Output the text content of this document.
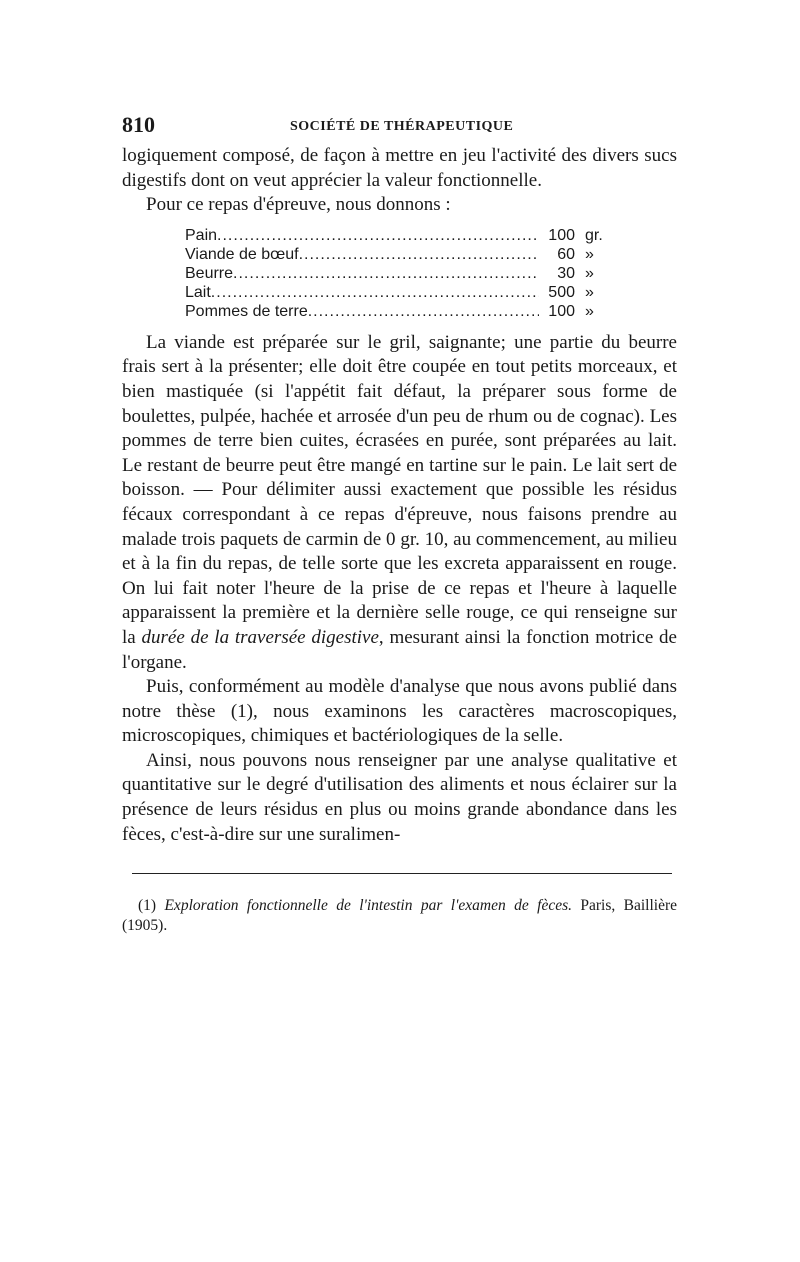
810	SOCIÉTÉ DE THÉRAPEUTIQUE

logiquement composé, de façon à mettre en jeu l'activité des divers sucs digestifs dont on veut apprécier la valeur fonctionnelle.

Pour ce repas d'épreuve, nous donnons :

Pain .....	100 gr.
Viande de bœuf .....	60 »
Beurre .....	30 »
Lait .....	500 »
Pommes de terre .....	100 »

La viande est préparée sur le gril, saignante; une partie du beurre frais sert à la présenter; elle doit être coupée en tout petits morceaux, et bien mastiquée (si l'appétit fait défaut, la préparer sous forme de boulettes, pulpée, hachée et arrosée d'un peu de rhum ou de cognac). Les pommes de terre bien cuites, écrasées en purée, sont préparées au lait. Le restant de beurre peut être mangé en tartine sur le pain. Le lait sert de boisson. — Pour délimiter aussi exactement que possible les résidus fécaux correspondant à ce repas d'épreuve, nous faisons prendre au malade trois paquets de carmin de 0 gr. 10, au commencement, au milieu et à la fin du repas, de telle sorte que les excreta apparaissent en rouge. On lui fait noter l'heure de la prise de ce repas et l'heure à laquelle apparaissent la première et la dernière selle rouge, ce qui renseigne sur la durée de la traversée digestive, mesurant ainsi la fonction motrice de l'organe.

Puis, conformément au modèle d'analyse que nous avons publié dans notre thèse (1), nous examinons les caractères macroscopiques, microscopiques, chimiques et bactériologiques de la selle.

Ainsi, nous pouvons nous renseigner par une analyse qualitative et quantitative sur le degré d'utilisation des aliments et nous éclairer sur la présence de leurs résidus en plus ou moins grande abondance dans les fèces, c'est-à-dire sur une suralimen-

(1) Exploration fonctionnelle de l'intestin par l'examen de fèces. Paris, Baillière (1905).
